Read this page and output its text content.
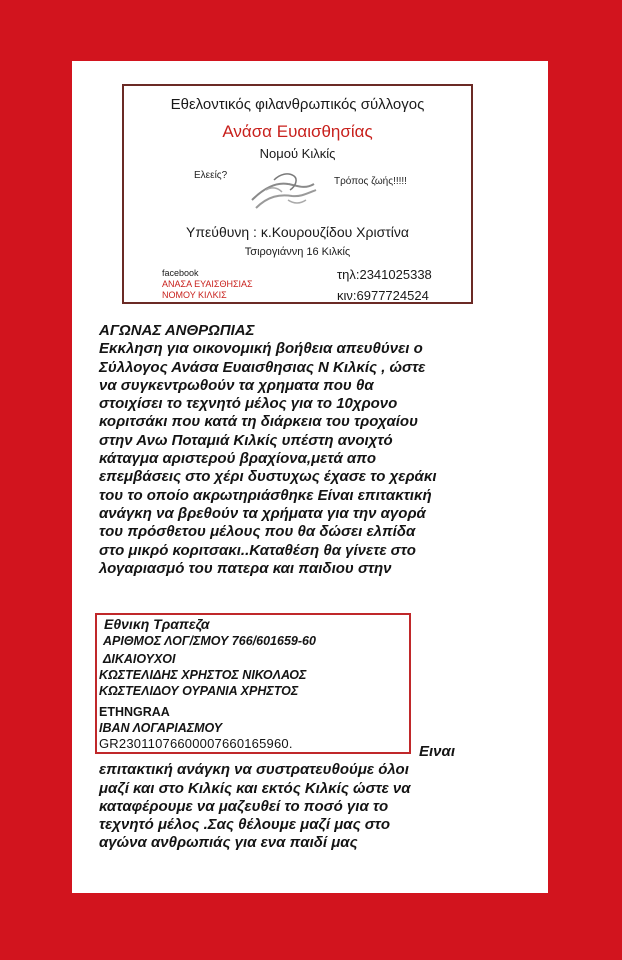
Εθελοντικός φιλανθρωπικός σύλλογος
Ανάσα Ευαισθησίας
Νομού Κιλκίς
Ελεείς?
Τρόπος ζωής!!!!!
Υπεύθυνη : κ.Κουρουζίδου Χριστίνα
Τσιρογιάννη 16 Κιλκίς
facebook
ΑΝΑΣΑ ΕΥΑΙΣΘΗΣΙΑΣ
ΝΟΜΟΥ ΚΙΛΚΙΣ
τηλ:2341025338
κιν:6977724524
ΑΓΩΝΑΣ ΑΝΘΡΩΠΙΑΣ
Εκκληση για οικονομική βοήθεια απευθύνει ο
Σύλλογος Ανάσα Ευαισθησιας Ν Κιλκίς , ώστε
να συγκεντρωθούν τα χρηματα που θα
στοιχίσει το τεχνητό μέλος για το 10χρονο
κοριτσάκι που κατά τη διάρκεια του τροχαίου
στην Ανω Ποταμιά Κιλκίς υπέστη ανοιχτό
κάταγμα αριστερού βραχίονα,μετά απο
επεμβάσεις στο χέρι δυστυχως έχασε το χεράκι
του το οποίο ακρωτηριάσθηκε Είναι επιτακτική
ανάγκη να βρεθούν τα χρήματα για την αγορά
του πρόσθετου μέλους που θα δώσει ελπίδα
στο μικρό κοριτσακι..Καταθέση θα γίνετε στο
λογαριασμό του πατερα και παιδιου στην
Εθνικη Τραπεζα
ΑΡΙΘΜΟΣ ΛΟΓ/ΣΜΟΥ 766/601659-60
ΔΙΚΑΙΟΥΧΟΙ
ΚΩΣΤΕΛΙΔΗΣ ΧΡΗΣΤΟΣ ΝΙΚΟΛΑΟΣ
ΚΩΣΤΕΛΙΔΟΥ ΟΥΡΑΝΙΑ ΧΡΗΣΤΟΣ
ETHNGRAA
ΙΒΑΝ ΛΟΓΑΡΙΑΣΜΟΥ
GR2301107660000766016596​0.	Ειναι
επιτακτική ανάγκη να συστρατευθούμε όλοι
μαζί και στο Κιλκίς και εκτός Κιλκίς ώστε να
καταφέρουμε να μαζευθεί το ποσό για το
τεχνητό μέλος .Σας θέλουμε μαζί μας στο
αγώνα ανθρωπιάς για ενα παιδί μας
